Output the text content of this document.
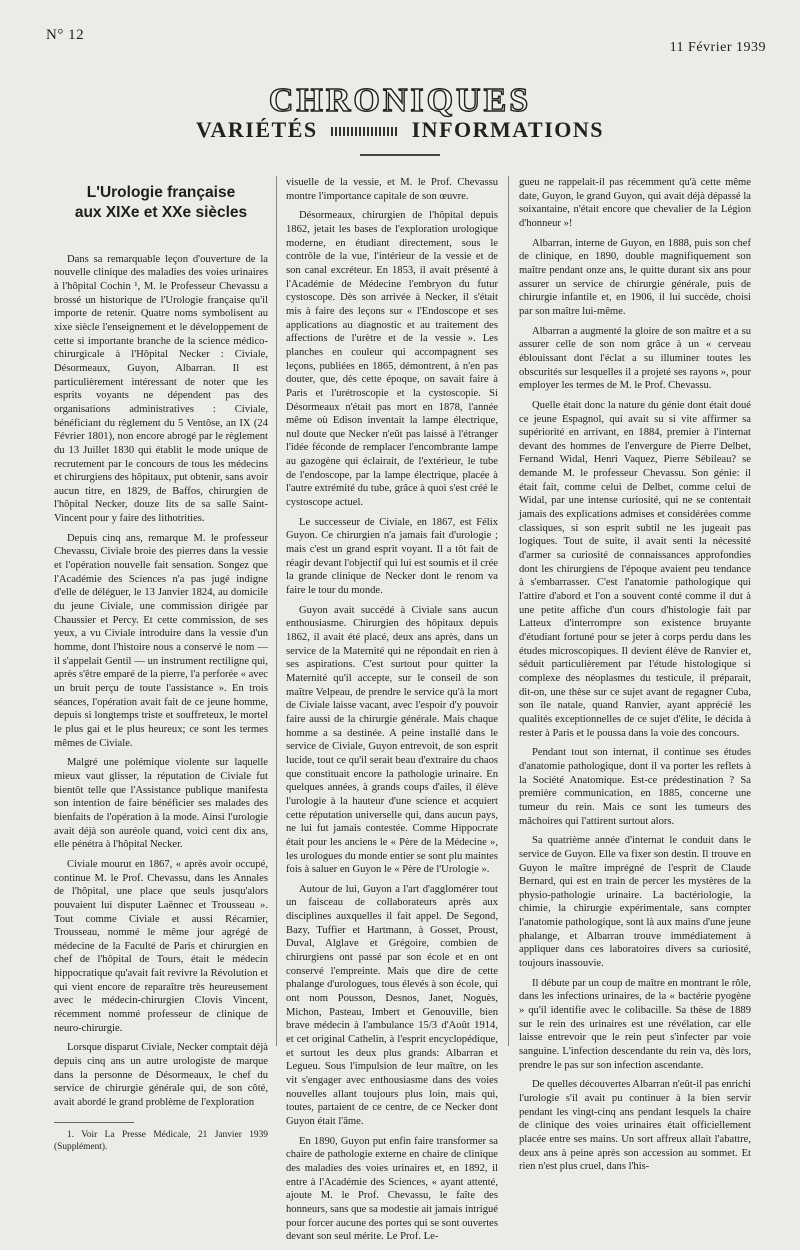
N° 12
11 Février 1939
CHRONIQUES
VARIÉTÉS	INFORMATIONS
L'Urologie française
aux XIXe et XXe siècles

Dans sa remarquable leçon d'ouverture de la nouvelle clinique des maladies des voies urinaires à l'hôpital Cochin ¹, M. le Professeur Chevassu a brossé un historique de l'Urologie française qu'il importe de retenir. Quatre noms symbolisent au xixe siècle l'enseignement et le développement de cette si importante branche de la science médico-chirurgicale à l'Hôpital Necker : Civiale, Désormeaux, Guyon, Albarran. Il est particulièrement intéressant de noter que les esprits voyants ne dépendent pas des organisations administratives : Civiale, bénéficiant du règlement du 5 Ventôse, an IX (24 Février 1801), non encore abrogé par le règlement du 13 Juillet 1830 qui établit le mode unique de recrutement par le concours de tous les médecins et chirurgiens des hôpitaux, put obtenir, sans avoir aucun titre, en 1829, de Baffos, chirurgien de l'hôpital Necker, douze lits de sa salle Saint-Vincent pour y faire des lithotrities.

Depuis cinq ans, remarque M. le professeur Chevassu, Civiale broie des pierres dans la vessie et l'opération nouvelle fait sensation. Songez que l'Académie des Sciences n'a pas jugé indigne d'elle de déléguer, le 13 Janvier 1824, au domicile du jeune Civiale, une commission dirigée par Chaussier et Percy. Et cette commission, de ses yeux, a vu Civiale introduire dans la vessie d'un homme, dont l'histoire nous a conservé le nom — il s'appelait Gentil — un instrument rectiligne qui, après s'être emparé de la pierre, l'a perforée « avec un bruit perçu de toute l'assistance ». En trois séances, l'opération avait fait de ce jeune homme, depuis si longtemps triste et souffreteux, le mortel le plus gai et le plus heureux; ce sont les termes mêmes de Civiale.

Malgré une polémique violente sur laquelle mieux vaut glisser, la réputation de Civiale fut bientôt telle que l'Assistance publique manifesta son intention de faire bénéficier ses malades des bienfaits de l'opération à la mode. Ainsi l'urologie avait déjà son auréole quand, voici cent dix ans, elle pénétra à l'hôpital Necker.

Civiale mourut en 1867, « après avoir occupé, continue M. le Prof. Chevassu, dans les Annales de l'hôpital, une place que seuls jusqu'alors pouvaient lui disputer Laënnec et Trousseau ». Tout comme Civiale et aussi Récamier, Trousseau, nommé le même jour agrégé de médecine de la Faculté de Paris et chirurgien en chef de l'hôpital de Tours, était le médecin hippocratique qu'avait fait revivre la Révolution et qui vient encore de reparaître très heureusement avec le médecin-chirurgien Clovis Vincent, récemment nommé professeur de clinique de neuro-chirurgie.

Lorsque disparut Civiale, Necker comptait déjà depuis cinq ans un autre urologiste de marque dans la personne de Désormeaux, le chef du service de chirurgie générale qui, de son côté, avait abordé le grand problème de l'exploration

1. Voir La Presse Médicale, 21 Janvier 1939 (Supplément).

visuelle de la vessie, et M. le Prof. Chevassu montre l'importance capitale de son œuvre.

Désormeaux, chirurgien de l'hôpital depuis 1862, jetait les bases de l'exploration urologique moderne, en étudiant directement, sous le contrôle de la vue, l'intérieur de la vessie et de son canal excréteur. En 1853, il avait présenté à l'Académie de Médecine l'embryon du futur cystoscope. Dès son arrivée à Necker, il s'était mis à faire des leçons sur « l'Endoscope et ses applications au diagnostic et au traitement des affections de l'urètre et de la vessie ». Les planches en couleur qui accompagnent ses leçons, publiées en 1865, démontrent, à n'en pas douter, que, dès cette époque, on savait faire à Paris et l'urétroscopie et la cystoscopie. Si Désormeaux n'était pas mort en 1878, l'année même où Edison inventait la lampe électrique, nul doute que Necker n'eût pas laissé à l'étranger l'idée féconde de remplacer l'encombrante lampe au gazogène qui éclairait, de l'extérieur, le tube de l'endoscope, par la lampe électrique, placée à l'autre extrémité du tube, grâce à quoi s'est créé le cystoscope actuel.

Le successeur de Civiale, en 1867, est Félix Guyon. Ce chirurgien n'a jamais fait d'urologie ; mais c'est un grand esprit voyant. Il a tôt fait de réagir devant l'objectif qui lui est soumis et il crée la grande clinique de Necker dont le renom va faire le tour du monde.

Guyon avait succédé à Civiale sans aucun enthousiasme. Chirurgien des hôpitaux depuis 1862, il avait été placé, deux ans après, dans un service de la Maternité qui ne répondait en rien à ses aspirations. C'est surtout pour quitter la Maternité qu'il accepte, sur le conseil de son maître Velpeau, de prendre le service qu'à la mort de Civiale laisse vacant, avec l'espoir d'y pouvoir faire aussi de la chirurgie générale. Mais chaque homme a sa destinée. A peine installé dans le service de Civiale, Guyon entrevoit, de son esprit lucide, tout ce qu'il serait beau d'extraire du chaos que constituait encore la pathologie urinaire. En quelques années, à grands coups d'ailes, il élève l'urologie à la hauteur d'une science et acquiert cette réputation universelle qui, dans aucun pays, ne lui fut jamais contestée. Comme Hippocrate était pour les anciens le « Père de la Médecine », les urologues du monde entier se sont plu maintes fois à saluer en Guyon le « Père de l'Urologie ».

Autour de lui, Guyon a l'art d'agglomérer tout un faisceau de collaborateurs après aux disciplines auxquelles il fait appel. De Segond, Bazy, Tuffier et Hartmann, à Gosset, Proust, Duval, Alglave et Grégoire, combien de chirurgiens ont passé par son école et en ont conservé l'empreinte. Mais que dire de cette phalange d'urologues, tous élevés à son école, qui ont nom Pousson, Desnos, Janet, Noguès, Michon, Pasteau, Imbert et Genouville, bien brave médecin à l'ambulance 15/3 d'Août 1914, et cet original Cathelin, à l'esprit encyclopédique, et surtout les deux plus grands: Albarran et Legueu. Sous l'impulsion de leur maître, on les vit s'engager avec enthousiasme dans des voies nouvelles allant toujours plus loin, mais qui, toutes, partaient de ce centre, de ce Necker dont Guyon était l'âme.

En 1890, Guyon put enfin faire transformer sa chaire de pathologie externe en chaire de clinique des maladies des voies urinaires et, en 1892, il entre à l'Académie des Sciences, « ayant attenté, ajoute M. le Prof. Chevassu, le faîte des honneurs, sans que sa modestie ait jamais intrigué pour forcer aucune des portes qui se sont ouvertes devant son seul mérite. Le Prof. Le-

gueu ne rappelait-il pas récemment qu'à cette même date, Guyon, le grand Guyon, qui avait déjà dépassé la soixantaine, n'était encore que chevalier de la Légion d'honneur »!

Albarran, interne de Guyon, en 1888, puis son chef de clinique, en 1890, double magnifiquement son maître pendant onze ans, le quitte durant six ans pour assurer un service de chirurgie générale, puis de chirurgie infantile et, en 1906, il lui succède, choisi par son maître lui-même.

Albarran a augmenté la gloire de son maître et a su assurer celle de son nom grâce à un « cerveau éblouissant dont l'éclat a su illuminer toutes les obscurités sur lesquelles il a projeté ses rayons », pour employer les termes de M. le Prof. Chevassu.

Quelle était donc la nature du génie dont était doué ce jeune Espagnol, qui avait su si vite affirmer sa supériorité en arrivant, en 1884, premier à l'internat devant des hommes de l'envergure de Pierre Delbet, Fernand Widal, Henri Vaquez, Pierre Sébileau? se demande M. le professeur Chevassu. Son génie: il était fait, comme celui de Delbet, comme celui de Widal, par une intense curiosité, qui ne se contentait jamais des explications admises et considérées comme classiques, si son esprit subtil ne les jugeait pas logiques. Tout de suite, il avait senti la nécessité d'armer sa curiosité de connaissances approfondies dont les chirurgiens de l'époque avaient peu tendance à s'embarrasser. C'est l'anatomie pathologique qui l'attire d'abord et l'on a souvent conté comme il dut à une petite affiche d'un cours d'histologie fait par Latteux d'interrompre son existence bruyante d'étudiant fortuné pour se jeter à corps perdu dans les études microscopiques. Il devient élève de Ranvier et, séduit particulièrement par l'étude histologique si complexe des néoplasmes du testicule, il préparait, dit-on, une thèse sur ce sujet avant de regagner Cuba, son île natale, quand Ranvier, ayant apprécié les qualités exceptionnelles de ce sujet d'élite, le décida à rester à Paris et le poussa dans la voie des concours.

Pendant tout son internat, il continue ses études d'anatomie pathologique, dont il va porter les reflets à la Société Anatomique. Est-ce prédestination ? Sa première communication, en 1885, concerne une tumeur du rein. Mais ce sont les tumeurs des mâchoires qui l'attirent surtout alors.

Sa quatrième année d'internat le conduit dans le service de Guyon. Elle va fixer son destin. Il trouve en Guyon le maître imprégné de l'esprit de Claude Bernard, qui est en train de percer les mystères de la physio-pathologie urinaire. La bactériologie, la chimie, la chirurgie expérimentale, sans compter l'anatomie pathologique, sont là aux mains d'une jeune phalange, et Albarran trouve immédiatement à appliquer dans ces laboratoires divers sa curiosité, toujours inassouvie.

Il débute par un coup de maître en montrant le rôle, dans les infections urinaires, de la « bactérie pyogène » qu'il identifie avec le colibacille. Sa thèse de 1889 sur le rein des urinaires est une révélation, car elle laisse entrevoir que le rein peut s'infecter par voie sanguine. L'infection descendante du rein va, dès lors, prendre le pas sur son infection ascendante.

De quelles découvertes Albarran n'eût-il pas enrichi l'urologie s'il avait pu continuer à la bien servir pendant les vingt-cinq ans pendant lesquels la chaire de clinique des voies urinaires était officiellement placée entre ses mains. Un sort affreux allait l'abattre, deux ans à peine après son accession au sommet. Et rien n'est plus cruel, dans l'his-
